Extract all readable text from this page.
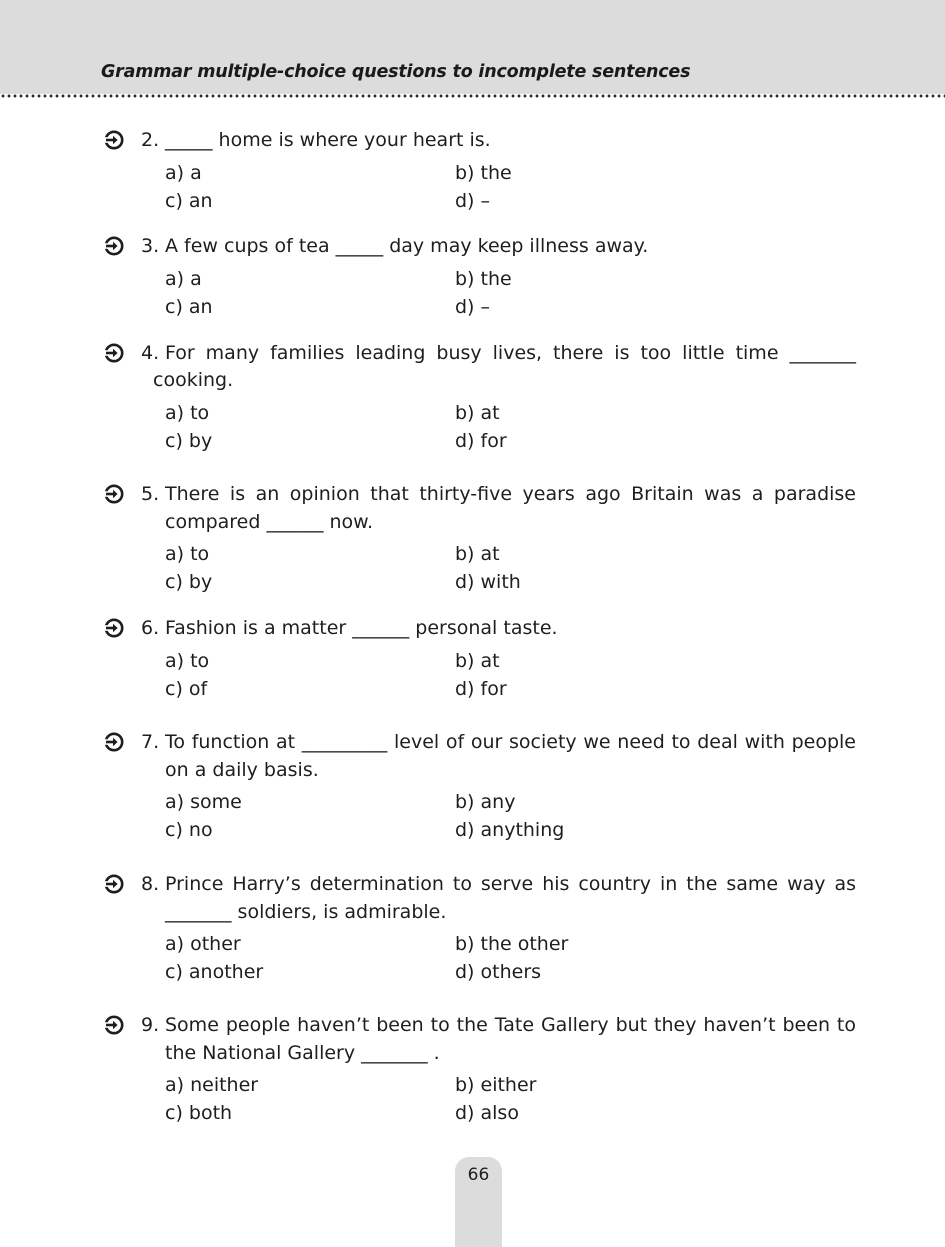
Grammar multiple-choice questions to incomplete sentences
2. _____ home is where your heart is.
a) a	b) the
c) an	d) –
3. A few cups of tea _____ day may keep illness away.
a) a	b) the
c) an	d) –
4. For many families leading busy lives, there is too little time _______
cooking.
a) to	b) at
c) by	d) for
5. There is an opinion that thirty-five years ago Britain was a paradise compared ______ now.
a) to	b) at
c) by	d) with
6. Fashion is a matter ______ personal taste.
a) to	b) at
c) of	d) for
7. To function at _________ level of our society we need to deal with people on a daily basis.
a) some	b) any
c) no	d) anything
8. Prince Harry’s determination to serve his country in the same way as _______ soldiers, is admirable.
a) other	b) the other
c) another	d) others
9. Some people haven’t been to the Tate Gallery but they haven’t been to the National Gallery _______ .
a) neither	b) either
c) both	d) also
66
